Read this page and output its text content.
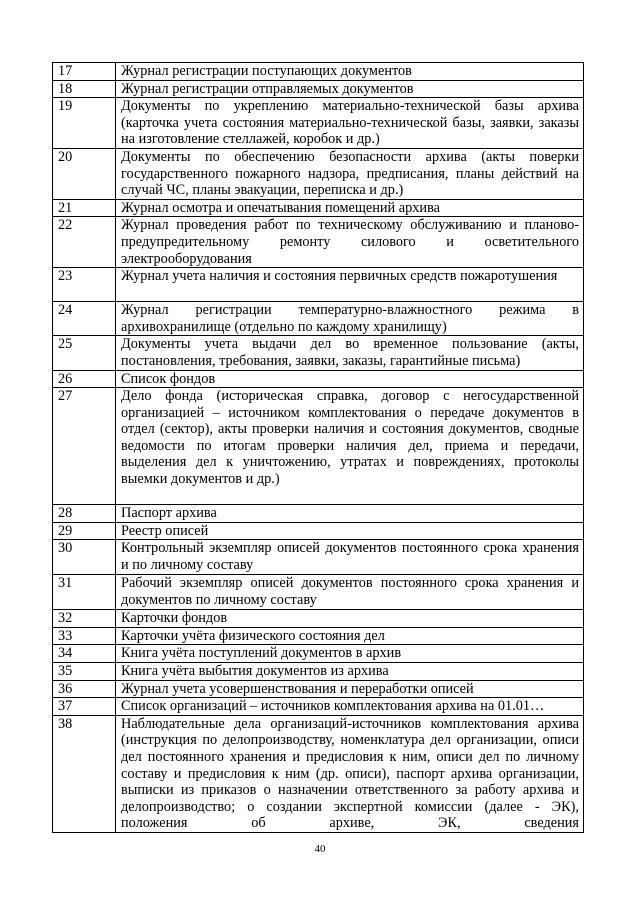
17	Журнал регистрации поступающих документов
18	Журнал регистрации отправляемых документов
19	Документы по укреплению материально-технической базы архива (карточка учета состояния материально-технической базы, заявки, заказы на изготовление стеллажей, коробок и др.)
20	Документы по обеспечению безопасности архива (акты поверки государственного пожарного надзора, предписания, планы действий на случай ЧС, планы эвакуации, переписка и др.)
21	Журнал осмотра и опечатывания помещений архива
22	Журнал проведения работ по техническому обслуживанию и планово-предупредительному ремонту силового и осветительного электрооборудования
23	Журнал учета наличия и состояния первичных средств пожаротушения
24	Журнал регистрации температурно-влажностного режима в архивохранилище (отдельно по каждому хранилищу)
25	Документы учета выдачи дел во временное пользование (акты, постановления, требования, заявки, заказы, гарантийные письма)
26	Список фондов
27	Дело фонда (историческая справка, договор с негосударственной организацией – источником комплектования о передаче документов в отдел (сектор), акты проверки наличия и состояния документов, сводные ведомости по итогам проверки наличия дел, приема и передачи, выделения дел к уничтожению, утратах и повреждениях, протоколы выемки документов и др.)
28	Паспорт архива
29	Реестр описей
30	Контрольный экземпляр описей документов постоянного срока хранения и по личному составу
31	Рабочий экземпляр описей документов постоянного срока хранения и документов по личному составу
32	Карточки фондов
33	Карточки учёта физического состояния дел
34	Книга учёта поступлений документов в архив
35	Книга учёта выбытия документов из архива
36	Журнал учета усовершенствования и переработки описей
37	Список организаций – источников комплектования архива на 01.01…
38	Наблюдательные дела организаций-источников комплектования архива (инструкция по делопроизводству, номенклатура дел организации, описи дел постоянного хранения и предисловия к ним, описи дел по личному составу и предисловия к ним (др. описи), паспорт архива организации, выписки из приказов о назначении ответственного за работу архива и делопроизводство; о создании экспертной комиссии (далее - ЭК), положения об архиве, ЭК, сведения
40
